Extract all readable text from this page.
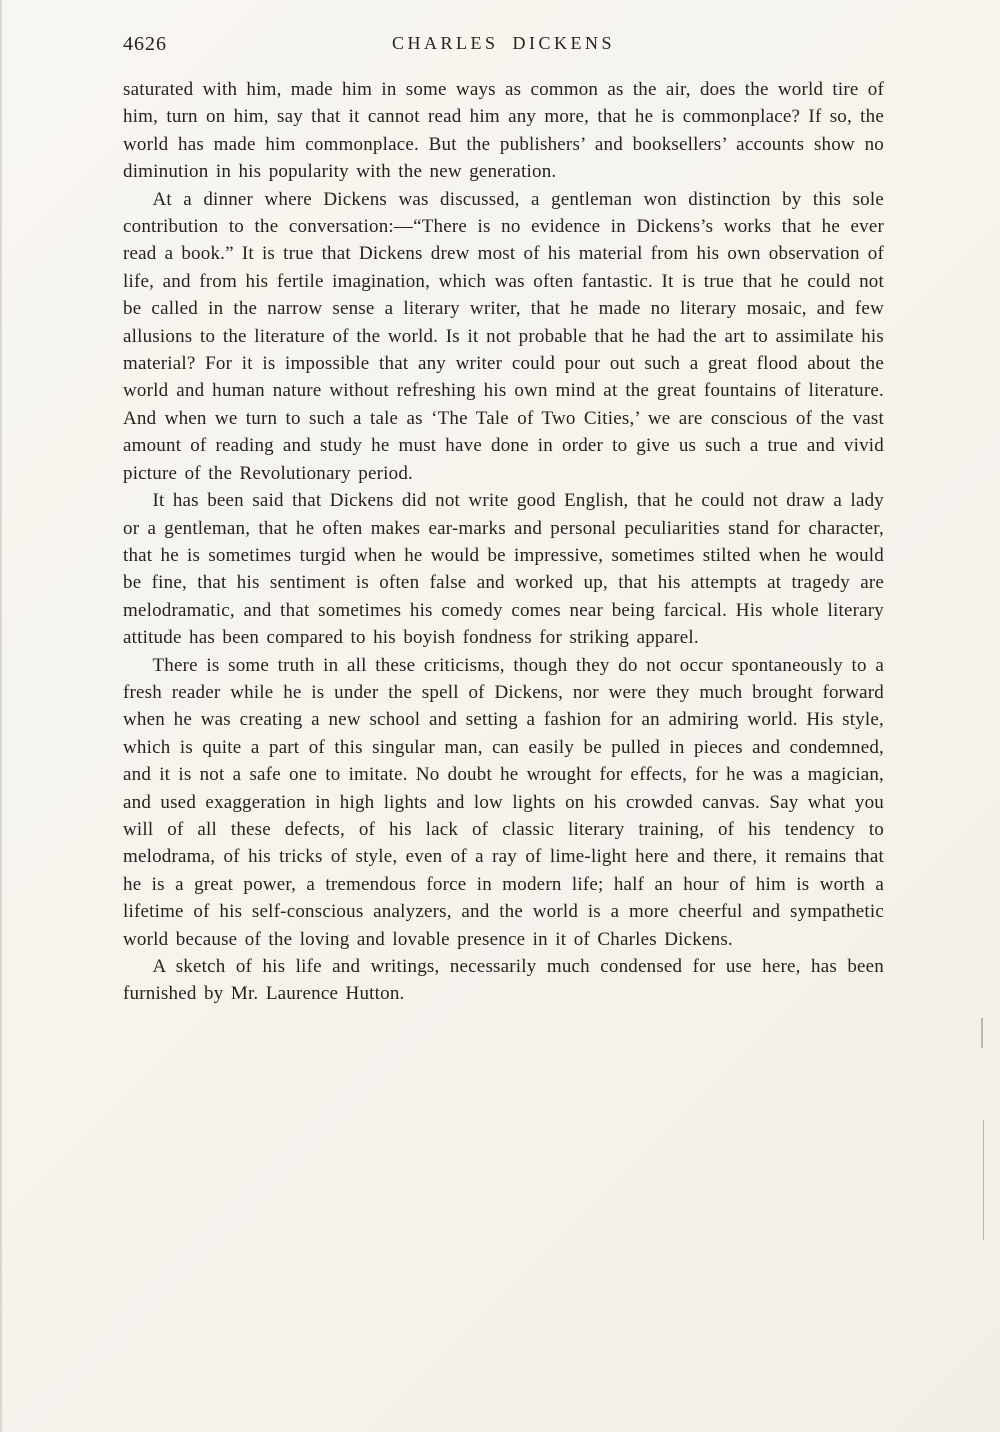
4626	CHARLES DICKENS

saturated with him, made him in some ways as common as the air, does the world tire of him, turn on him, say that it cannot read him any more, that he is commonplace? If so, the world has made him commonplace. But the publishers’ and booksellers’ accounts show no diminution in his popularity with the new generation.

At a dinner where Dickens was discussed, a gentleman won distinction by this sole contribution to the conversation:—“There is no evidence in Dickens’s works that he ever read a book.” It is true that Dickens drew most of his material from his own observation of life, and from his fertile imagination, which was often fantastic. It is true that he could not be called in the narrow sense a literary writer, that he made no literary mosaic, and few allusions to the literature of the world. Is it not probable that he had the art to assimilate his material? For it is impossible that any writer could pour out such a great flood about the world and human nature without refreshing his own mind at the great fountains of literature. And when we turn to such a tale as ‘The Tale of Two Cities,’ we are conscious of the vast amount of reading and study he must have done in order to give us such a true and vivid picture of the Revolutionary period.

It has been said that Dickens did not write good English, that he could not draw a lady or a gentleman, that he often makes ear-marks and personal peculiarities stand for character, that he is sometimes turgid when he would be impressive, sometimes stilted when he would be fine, that his sentiment is often false and worked up, that his attempts at tragedy are melodramatic, and that sometimes his comedy comes near being farcical. His whole literary attitude has been compared to his boyish fondness for striking apparel.

There is some truth in all these criticisms, though they do not occur spontaneously to a fresh reader while he is under the spell of Dickens, nor were they much brought forward when he was creating a new school and setting a fashion for an admiring world. His style, which is quite a part of this singular man, can easily be pulled in pieces and condemned, and it is not a safe one to imitate. No doubt he wrought for effects, for he was a magician, and used exaggeration in high lights and low lights on his crowded canvas. Say what you will of all these defects, of his lack of classic literary training, of his tendency to melodrama, of his tricks of style, even of a ray of lime-light here and there, it remains that he is a great power, a tremendous force in modern life; half an hour of him is worth a lifetime of his self-conscious analyzers, and the world is a more cheerful and sympathetic world because of the loving and lovable presence in it of Charles Dickens.

A sketch of his life and writings, necessarily much condensed for use here, has been furnished by Mr. Laurence Hutton.
